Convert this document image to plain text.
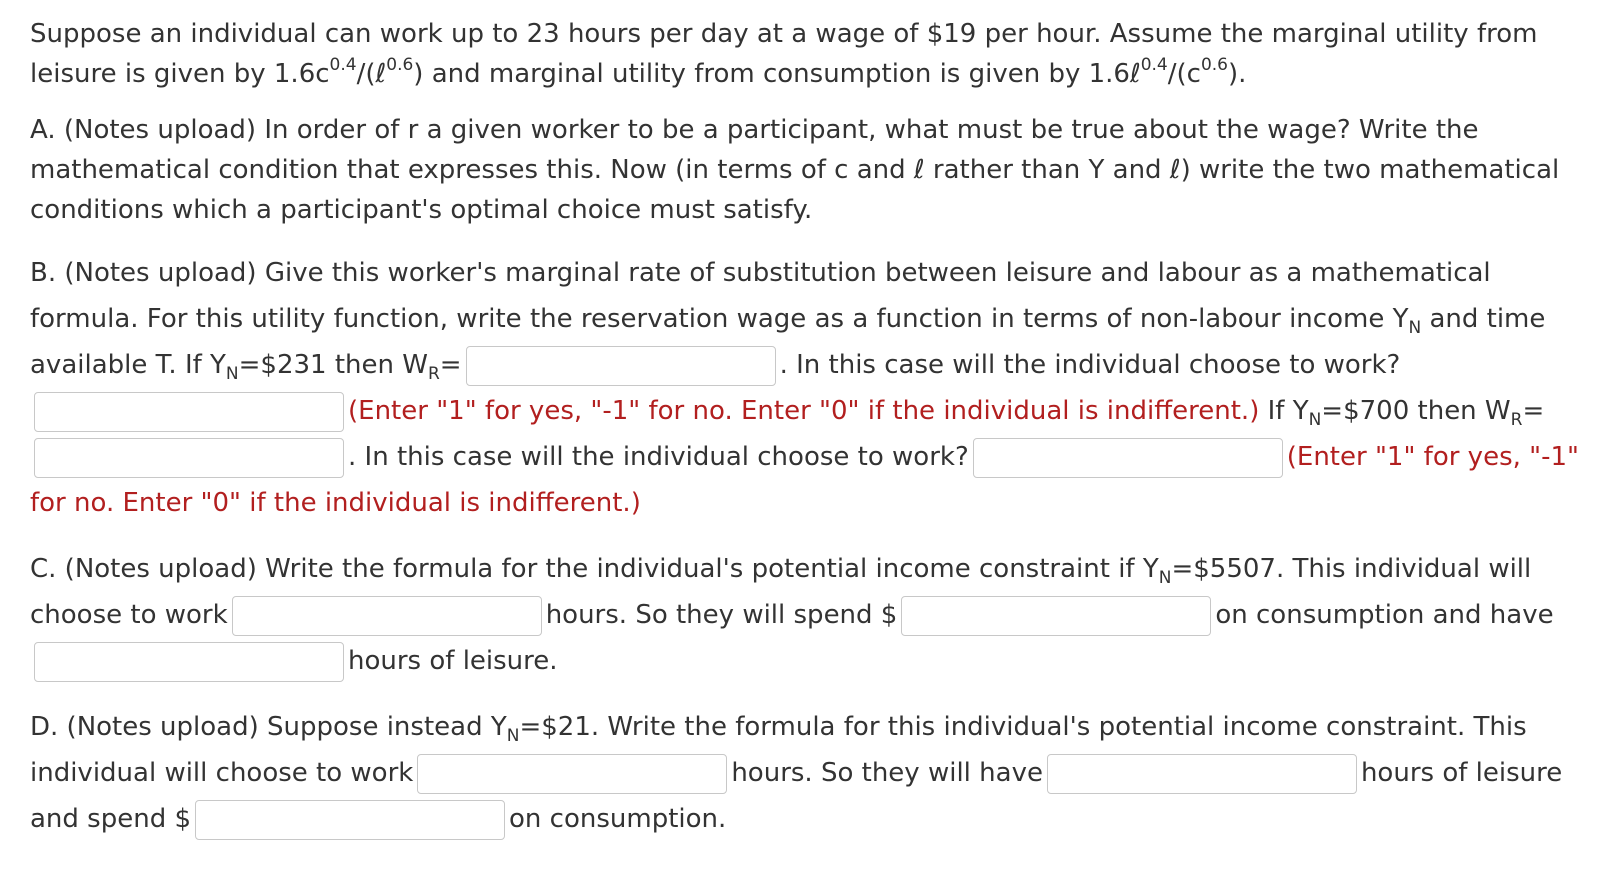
Suppose an individual can work up to 23 hours per day at a wage of $19 per hour. Assume the marginal utility from leisure is given by $1.6c^{0.4}/(\ell^{0.6})$ and marginal utility from consumption is given by $1.6\ell^{0.4}/(c^{0.6})$.

A. (Notes upload) In order of r a given worker to be a participant, what must be true about the wage? Write the mathematical condition that expresses this. Now (in terms of c and ℓ rather than Y and ℓ) write the two mathematical conditions which a participant's optimal choice must satisfy.

B. (Notes upload) Give this worker's marginal rate of substitution between leisure and labour as a mathematical formula. For this utility function, write the reservation wage as a function in terms of non-labour income $Y_N$ and time available T. If $Y_N=\$231$ then $W_R=$	. In this case will the individual choose to work?(Enter "1" for yes, "-1" for no. Enter "0" if the individual is indifferent.) If $Y_N=\$700$ then $W_R=$. In this case will the individual choose to work?	(Enter "1" for yes, "-1" for no. Enter "0" if the individual is indifferent.)

C. (Notes upload) Write the formula for the individual's potential income constraint if $Y_N=\$5507$. This individual will choose to work	hours. So they will spend $	on consumption and havehours of leisure.

D. (Notes upload) Suppose instead $Y_N=\$21$. Write the formula for this individual's potential income constraint. This individual will choose to work	hours. So they will have	hours of leisure and spend $	on consumption.
